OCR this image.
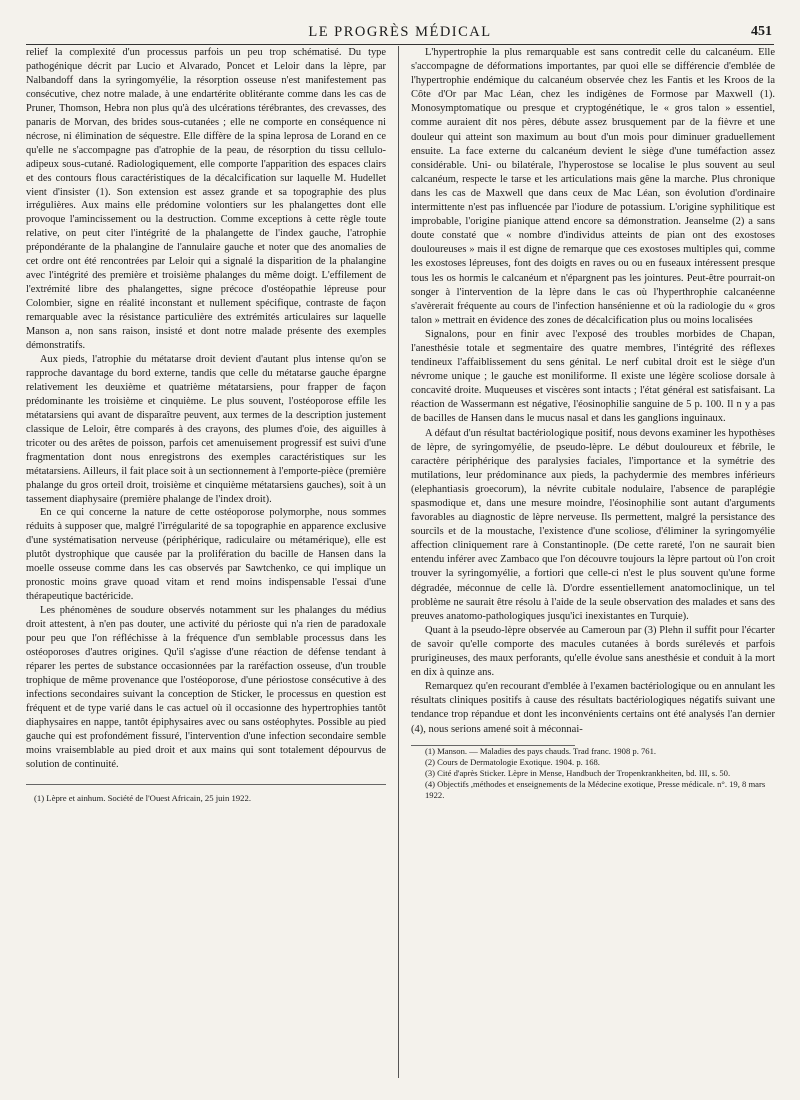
LE PROGRÈS MÉDICAL	451

relief la complexité d'un processus parfois un peu trop schématisé. Du type pathogénique décrit par Lucio et Alvarado, Poncet et Leloir dans la lèpre, par Nalbandoff dans la syringomyélie, la résorption osseuse n'est manifestement pas consécutive, chez notre malade, à une endartérite oblitérante comme dans les cas de Pruner, Thomson, Hebra non plus qu'à des ulcérations térébrantes, des crevasses, des panaris de Morvan, des brides sous-cutanées ; elle ne comporte en conséquence ni nécrose, ni élimination de séquestre. Elle diffère de la spina leprosa de Lorand en ce qu'elle ne s'accompagne pas d'atrophie de la peau, de résorption du tissu cellulo-adipeux sous-cutané. Radiologiquement, elle comporte l'apparition des espaces clairs et des contours flous caractéristiques de la décalcification sur laquelle M. Hudellet vient d'insister (1). Son extension est assez grande et sa topographie des plus irrégulières. Aux mains elle prédomine volontiers sur les phalangettes dont elle provoque l'amincissement ou la destruction. Comme exceptions à cette règle toute relative, on peut citer l'intégrité de la phalangette de l'index gauche, l'atrophie prépondérante de la phalangine de l'annulaire gauche et noter que des anomalies de cet ordre ont été rencontrées par Leloir qui a signalé la disparition de la phalangine avec l'intégrité des première et troisième phalanges du même doigt. L'effilement de l'extrémité libre des phalangettes, signe précoce d'ostéopathie lépreuse pour Colombier, signe en réalité inconstant et nullement spécifique, contraste de façon remarquable avec la résistance particulière des extrémités articulaires sur laquelle Manson a, non sans raison, insisté et dont notre malade présente des exemples démonstratifs.

Aux pieds, l'atrophie du métatarse droit devient d'autant plus intense qu'on se rapproche davantage du bord externe, tandis que celle du métatarse gauche épargne relativement les deuxième et quatrième métatarsiens, pour frapper de façon prédominante les troisième et cinquième. Le plus souvent, l'ostéoporose effile les métatarsiens qui avant de disparaître peuvent, aux termes de la description justement classique de Leloir, être comparés à des crayons, des plumes d'oie, des aiguilles à tricoter ou des arêtes de poisson, parfois cet amenuisement progressif est suivi d'une fragmentation dont nous enregistrons des exemples caractéristiques sur les métatarsiens. Ailleurs, il fait place soit à un sectionnement à l'emporte-pièce (première phalange du gros orteil droit, troisième et cinquième métatarsiens gauches), soit à un tassement diaphysaire (première phalange de l'index droit).

En ce qui concerne la nature de cette ostéoporose polymorphe, nous sommes réduits à supposer que, malgré l'irrégularité de sa topographie en apparence exclusive d'une systématisation nerveuse (périphérique, radiculaire ou métamérique), elle est plutôt dystrophique que causée par la prolifération du bacille de Hansen dans la moelle osseuse comme dans les cas observés par Sawtchenko, ce qui implique un pronostic moins grave quoad vitam et rend moins indispensable l'essai d'une thérapeutique bactéricide.

Les phénomènes de soudure observés notamment sur les phalanges du médius droit attestent, à n'en pas douter, une activité du périoste qui n'a rien de paradoxale pour peu que l'on réfléchisse à la fréquence d'un semblable processus dans les ostéoporoses d'autres origines. Qu'il s'agisse d'une réaction de défense tendant à réparer les pertes de substance occasionnées par la raréfaction osseuse, d'un trouble trophique de même provenance que l'ostéoporose, d'une périostose consécutive à des infections secondaires suivant la conception de Sticker, le processus en question est fréquent et de type varié dans le cas actuel où il occasionne des hypertrophies tantôt diaphysaires en nappe, tantôt épiphysaires avec ou sans ostéophytes. Possible au pied gauche qui est profondément fissuré, l'intervention d'une infection secondaire semble moins vraisemblable au pied droit et aux mains qui sont totalement dépourvus de solution de continuité.

(1) Lèpre et ainhum. Société de l'Ouest Africain, 25 juin 1922.

L'hypertrophie la plus remarquable est sans contredit celle du calcanéum. Elle s'accompagne de déformations importantes, par quoi elle se différencie d'emblée de l'hypertrophie endémique du calcanéum observée chez les Fantis et les Kroos de la Côte d'Or par Mac Léan, chez les indigènes de Formose par Maxwell (1). Monosymptomatique ou presque et cryptogénétique, le « gros talon » essentiel, comme auraient dit nos pères, débute assez brusquement par de la fièvre et une douleur qui atteint son maximum au bout d'un mois pour diminuer graduellement ensuite. La face externe du calcanéum devient le siège d'une tuméfaction assez considérable. Uni- ou bilatérale, l'hyperostose se localise le plus souvent au seul calcanéum, respecte le tarse et les articulations mais gêne la marche. Plus chronique dans les cas de Maxwell que dans ceux de Mac Léan, son évolution d'ordinaire intermittente n'est pas influencée par l'iodure de potassium. L'origine syphilitique est improbable, l'origine pianique attend encore sa démonstration. Jeanselme (2) a sans doute constaté que « nombre d'individus atteints de pian ont des exostoses douloureuses » mais il est digne de remarque que ces exostoses multiples qui, comme les exostoses lépreuses, font des doigts en raves ou ou en fuseaux intéressent presque tous les os hormis le calcanéum et n'épargnent pas les jointures. Peut-être pourrait-on songer à l'intervention de la lèpre dans le cas où l'hyperthrophie calcanéenne s'avèrerait fréquente au cours de l'infection hansénienne et où la radiologie du « gros talon » mettrait en évidence des zones de décalcification plus ou moins localisées

Signalons, pour en finir avec l'exposé des troubles morbides de Chapan, l'anesthésie totale et segmentaire des quatre membres, l'intégrité des réflexes tendineux l'affaiblissement du sens génital. Le nerf cubital droit est le siège d'un névrome unique ; le gauche est moniliforme. Il existe une légère scoliose dorsale à concavité droite. Muqueuses et viscères sont intacts ; l'état général est satisfaisant. La réaction de Wassermann est négative, l'éosinophilie sanguine de 5 p. 100. Il n y a pas de bacilles de Hansen dans le mucus nasal et dans les ganglions inguinaux.

A défaut d'un résultat bactériologique positif, nous devons examiner les hypothèses de lèpre, de syringomyélie, de pseudo-lèpre. Le début douloureux et fébrile, le caractère périphérique des paralysies faciales, l'importance et la symétrie des mutilations, leur prédominance aux pieds, la pachydermie des membres inférieurs (elephantiasis groecorum), la névrite cubitale nodulaire, l'absence de paraplégie spasmodique et, dans une mesure moindre, l'éosinophilie sont autant d'arguments favorables au diagnostic de lèpre nerveuse. Ils permettent, malgré la persistance des sourcils et de la moustache, l'existence d'une scoliose, d'éliminer la syringomyélie affection cliniquement rare à Constantinople. (De cette rareté, l'on ne saurait bien entendu inférer avec Zambaco que l'on découvre toujours la lèpre partout où l'on croit trouver la syringomyélie, a fortiori que celle-ci n'est le plus souvent qu'une forme dégradée, méconnue de celle là. D'ordre essentiellement anatomoclinique, un tel problème ne saurait être résolu à l'aide de la seule observation des malades et sans des preuves anatomo-pathologiques jusqu'ici inexistantes en Turquie).

Quant à la pseudo-lèpre observée au Cameroun par (3) Plehn il suffit pour l'écarter de savoir qu'elle comporte des macules cutanées à bords surélevés et parfois prurigineuses, des maux perforants, qu'elle évolue sans anesthésie et conduit à la mort en dix à quinze ans.

Remarquez qu'en recourant d'emblée à l'examen bactériologique ou en annulant les résultats cliniques positifs à cause des résultats bactériologiques négatifs suivant une tendance trop répandue et dont les inconvénients certains ont été analysés l'an dernier (4), nous serions amené soit à méconnai-

(1) Manson. — Maladies des pays chauds. Trad franc. 1908 p. 761.

(2) Cours de Dermatologie Exotique. 1904. p. 168.

(3) Cité d'après Sticker. Lèpre in Mense, Handbuch der Tropenkrankheiten, bd. III, s. 50.

(4) Objectifs ,méthodes et enseignements de la Médecine exotique, Presse médicale. n°. 19, 8 mars 1922.
